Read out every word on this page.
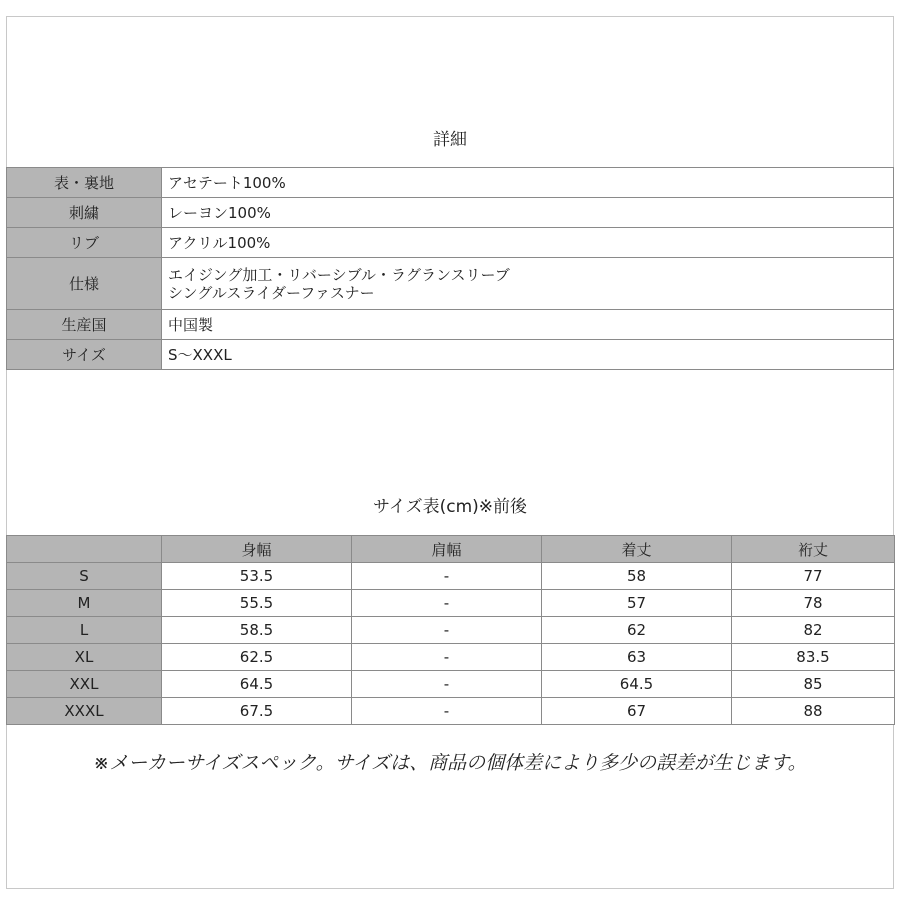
詳細
表・裏地	アセテート100%
刺繍	レーヨン100%
リブ	アクリル100%
仕様	エイジング加工・リバーシブル・ラグランスリーブ
シングルスライダーファスナー

生産国	中国製
サイズ	S〜XXXL
サイズ表(cm)※前後
	身幅	肩幅	着丈	裄丈
S	53.5	-	58	77
M	55.5	-	57	78
L	58.5	-	62	82
XL	62.5	-	63	83.5
XXL	64.5	-	64.5	85
XXXL	67.5	-	67	88
※メーカーサイズスペック。サイズは、商品の個体差により多少の誤差が生じます。
